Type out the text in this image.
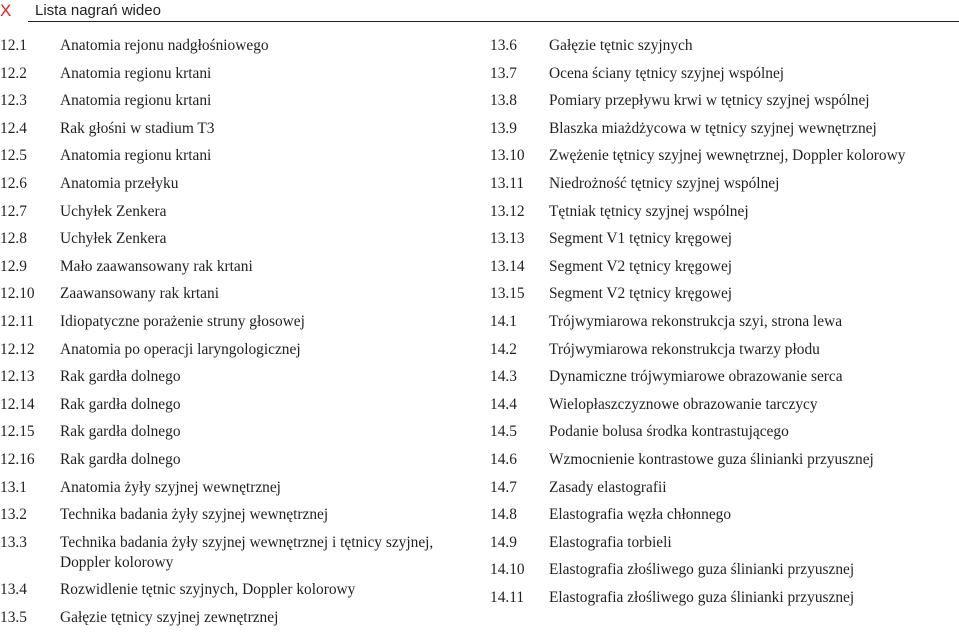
X Lista nagrań wideo
12.1 Anatomia rejonu nadgłośniowego
12.2 Anatomia regionu krtani
12.3 Anatomia regionu krtani
12.4 Rak głośni w stadium T3
12.5 Anatomia regionu krtani
12.6 Anatomia przełyku
12.7 Uchyłek Zenkera
12.8 Uchyłek Zenkera
12.9 Mało zaawansowany rak krtani
12.10 Zaawansowany rak krtani
12.11 Idiopatyczne porażenie struny głosowej
12.12 Anatomia po operacji laryngologicznej
12.13 Rak gardła dolnego
12.14 Rak gardła dolnego
12.15 Rak gardła dolnego
12.16 Rak gardła dolnego
13.1 Anatomia żyły szyjnej wewnętrznej
13.2 Technika badania żyły szyjnej wewnętrznej
13.3 Technika badania żyły szyjnej wewnętrznej i tętnicy szyjnej, Doppler kolorowy
13.4 Rozwidlenie tętnic szyjnych, Doppler kolorowy
13.5 Gałęzie tętnicy szyjnej zewnętrznej
13.6 Gałęzie tętnic szyjnych
13.7 Ocena ściany tętnicy szyjnej wspólnej
13.8 Pomiary przepływu krwi w tętnicy szyjnej wspólnej
13.9 Blaszka miażdżycowa w tętnicy szyjnej wewnętrznej
13.10 Zwężenie tętnicy szyjnej wewnętrznej, Doppler kolorowy
13.11 Niedrożność tętnicy szyjnej wspólnej
13.12 Tętniak tętnicy szyjnej wspólnej
13.13 Segment V1 tętnicy kręgowej
13.14 Segment V2 tętnicy kręgowej
13.15 Segment V2 tętnicy kręgowej
14.1 Trójwymiarowa rekonstrukcja szyi, strona lewa
14.2 Trójwymiarowa rekonstrukcja twarzy płodu
14.3 Dynamiczne trójwymiarowe obrazowanie serca
14.4 Wielopłaszczyznowe obrazowanie tarczycy
14.5 Podanie bolusa środka kontrastującego
14.6 Wzmocnienie kontrastowe guza ślinianki przyusznej
14.7 Zasady elastografii
14.8 Elastografia węzła chłonnego
14.9 Elastografia torbieli
14.10 Elastografia złośliwego guza ślinianki przyusznej
14.11 Elastografia złośliwego guza ślinianki przyusznej
